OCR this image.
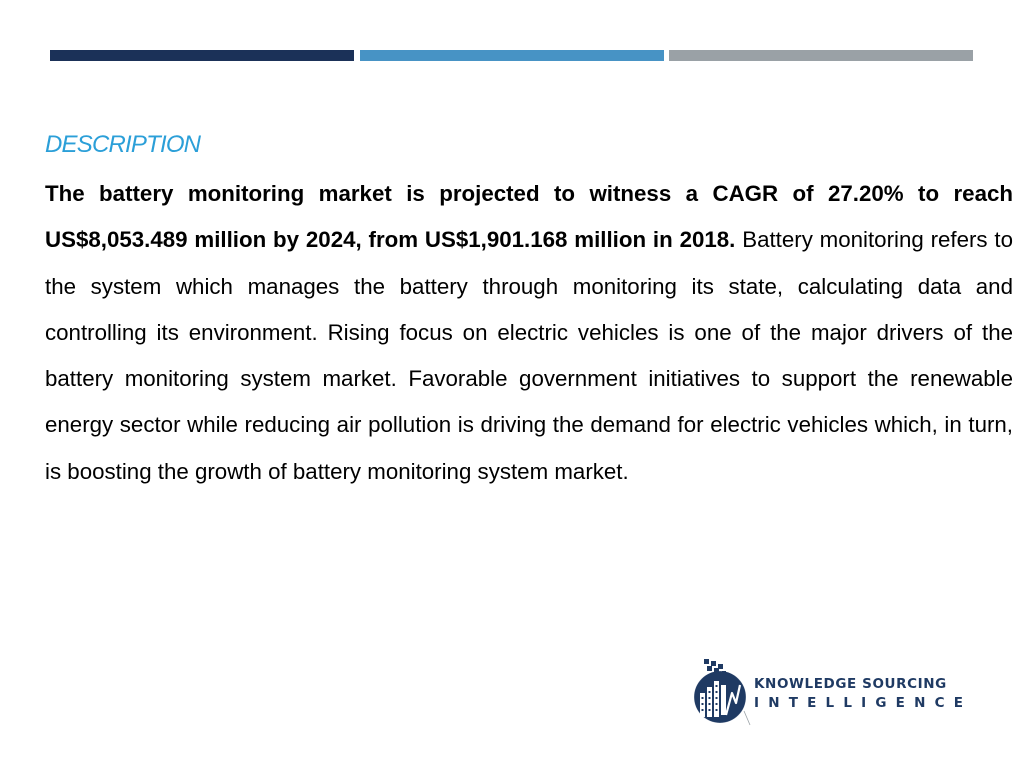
DESCRIPTION

The battery monitoring market is projected to witness a CAGR of 27.20% to reach US$8,053.489 million by 2024, from US$1,901.168 million in 2018. Battery monitoring refers to the system which manages the battery through monitoring its state, calculating data and controlling its environment. Rising focus on electric vehicles is one of the major drivers of the battery monitoring system market. Favorable government initiatives to support the renewable energy sector while reducing air pollution is driving the demand for electric vehicles which, in turn, is boosting the growth of battery monitoring system market.

KNOWLEDGE SOURCING
INTELLIGENCE
